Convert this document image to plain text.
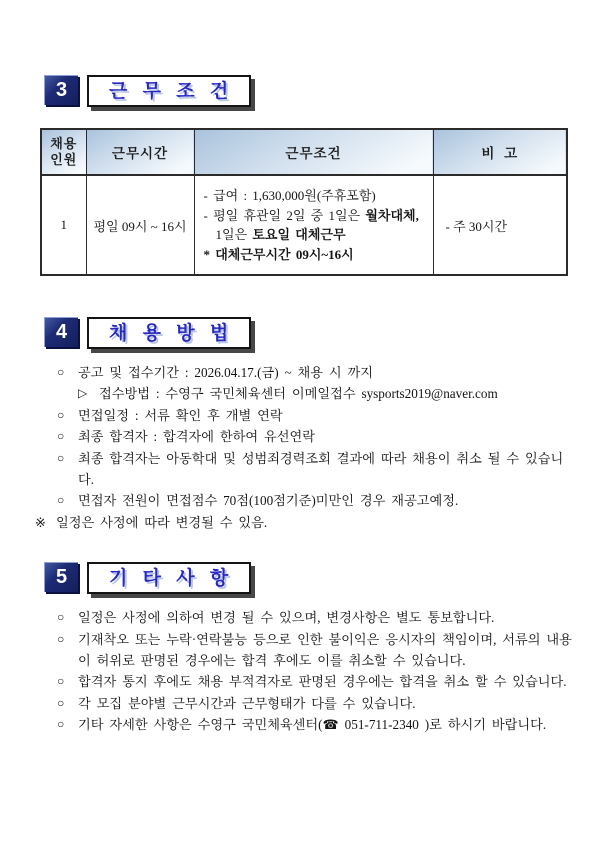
3	근 무 조 건
채용
인원	근무시간	근무조건	비  고
1	평일 09시 ~ 16시	- 급여 : 1,630,000원(주휴포함)
- 평일 휴관일 2일 중 1일은 월차대체,
1일은 토요일 대체근무
* 대체근무시간 09시~16시	- 주 30시간
4	채 용 방 법
○ 공고 및 접수기간 : 2026.04.17.(금) ~ 채용 시 까지
▷ 접수방법 : 수영구 국민체육센터 이메일접수 sysports2019@naver.com
○ 면접일정 : 서류 확인 후 개별 연락
○ 최종 합격자 : 합격자에 한하여 유선연락
○ 최종 합격자는 아동학대 및 성범죄경력조회 결과에 따라 채용이 취소 될 수 있습니다.
○ 면접자 전원이 면접점수 70점(100점기준)미만인 경우 재공고예정.
※ 일정은 사정에 따라 변경될 수 있음.
5	기 타 사 항
○ 일정은 사정에 의하여 변경 될 수 있으며, 변경사항은 별도 통보합니다.
○ 기재착오 또는 누락·연락불능 등으로 인한 불이익은 응시자의 책임이며, 서류의 내용이 허위로 판명된 경우에는 합격 후에도 이를 취소할 수 있습니다.
○ 합격자 통지 후에도 채용 부적격자로 판명된 경우에는 합격을 취소 할 수 있습니다.
○ 각 모집 분야별 근무시간과 근무형태가 다를 수 있습니다.
○ 기타 자세한 사항은 수영구 국민체육센터(☎ 051-711-2340 )로 하시기 바랍니다.
